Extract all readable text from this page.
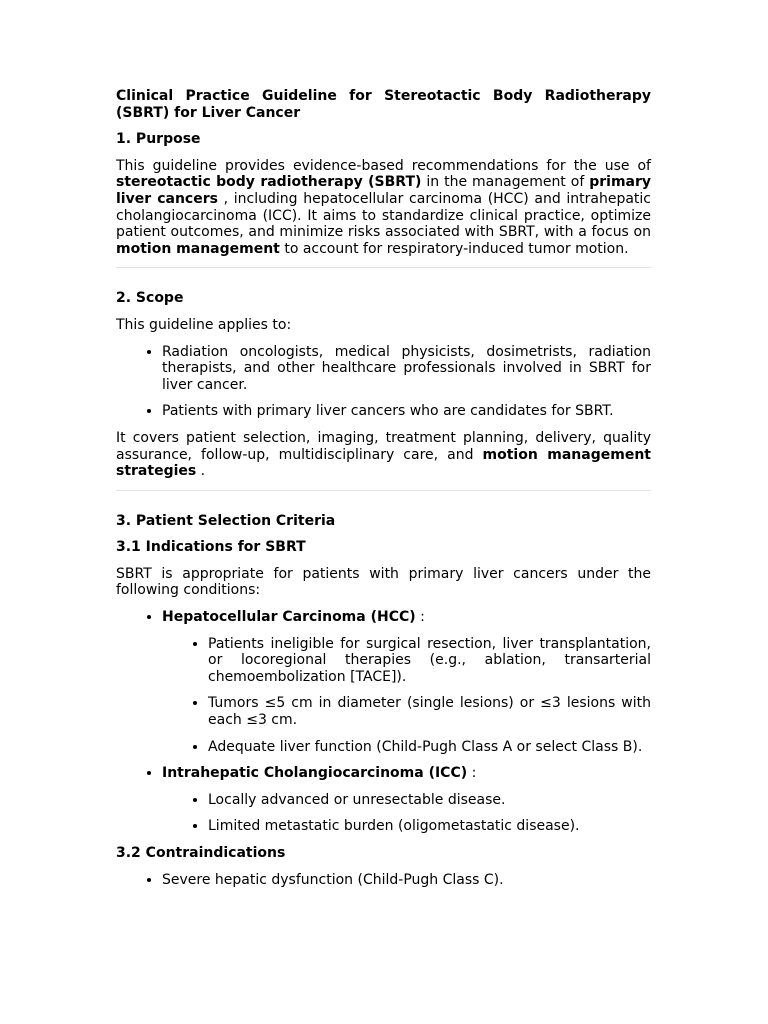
Clinical Practice Guideline for Stereotactic Body Radiotherapy (SBRT) for Liver Cancer

1. Purpose

This guideline provides evidence-based recommendations for the use of stereotactic body radiotherapy (SBRT) in the management of primary liver cancers , including hepatocellular carcinoma (HCC) and intrahepatic cholangiocarcinoma (ICC). It aims to standardize clinical practice, optimize patient outcomes, and minimize risks associated with SBRT, with a focus on motion management to account for respiratory-induced tumor motion.

2. Scope

This guideline applies to:

• Radiation oncologists, medical physicists, dosimetrists, radiation therapists, and other healthcare professionals involved in SBRT for liver cancer.
• Patients with primary liver cancers who are candidates for SBRT.

It covers patient selection, imaging, treatment planning, delivery, quality assurance, follow-up, multidisciplinary care, and motion management strategies .

3. Patient Selection Criteria
3.1 Indications for SBRT

SBRT is appropriate for patients with primary liver cancers under the following conditions:

• Hepatocellular Carcinoma (HCC) :
• Patients ineligible for surgical resection, liver transplantation, or locoregional therapies (e.g., ablation, transarterial chemoembolization [TACE]).
• Tumors ≤5 cm in diameter (single lesions) or ≤3 lesions with each ≤3 cm.
• Adequate liver function (Child-Pugh Class A or select Class B).
• Intrahepatic Cholangiocarcinoma (ICC) :
• Locally advanced or unresectable disease.
• Limited metastatic burden (oligometastatic disease).
3.2 Contraindications
• Severe hepatic dysfunction (Child-Pugh Class C).
